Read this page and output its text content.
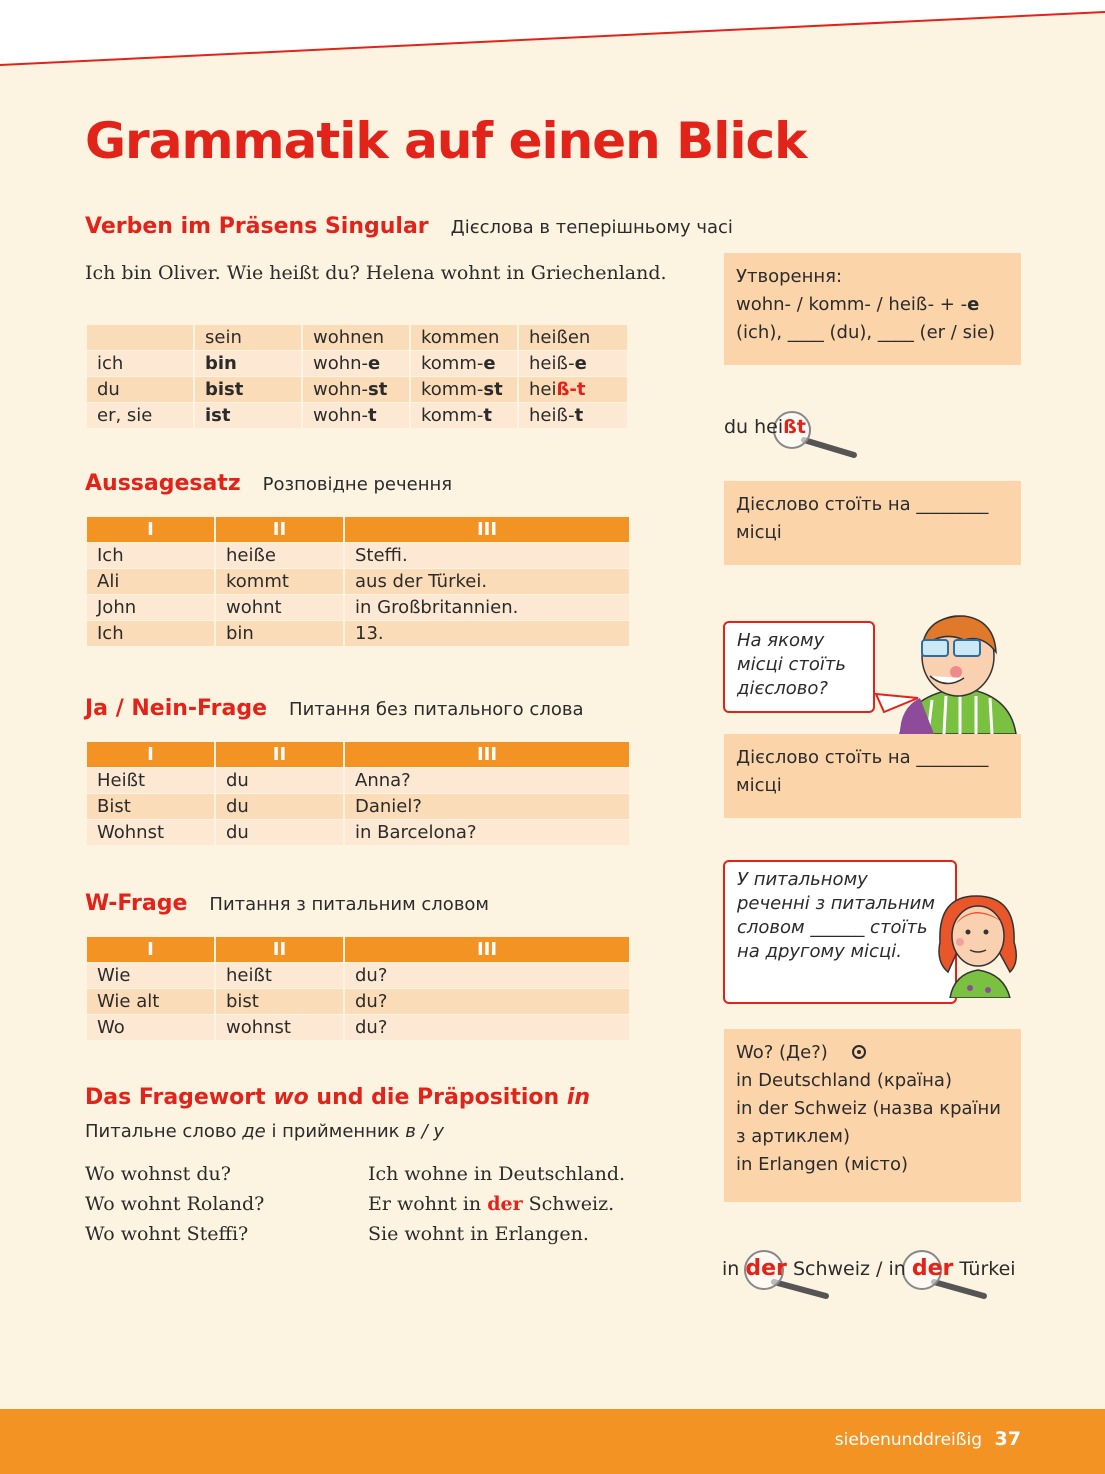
Grammatik auf einen Blick
Verben im Präsens Singular Дієслова в теперішньому часі
Ich bin Oliver. Wie heißt du? Helena wohnt in Griechenland.
	sein	wohnen	kommen	heißen
ich	bin	wohn-e	komm-e	heiß-e
du	bist	wohn-st	komm-st	heiß-t
er, sie	ist	wohn-t	komm-t	heiß-t
Aussagesatz Розповідне речення
I	II	III
Ich	heiße	Steffi.
Ali	kommt	aus der Türkei.
John	wohnt	in Großbritannien.
Ich	bin	13.
Ja / Nein-Frage Питання без питального слова
I	II	III
Heißt	du	Anna?
Bist	du	Daniel?
Wohnst	du	in Barcelona?
W-Frage Питання з питальним словом
I	II	III
Wie	heißt	du?
Wie alt	bist	du?
Wo	wohnst	du?
Das Fragewort wo und die Präposition in
Питальне слово де і прийменник в / у
Wo wohnst du?
Wo wohnt Roland?
Wo wohnt Steffi?
Ich wohne in Deutschland.
Er wohnt in der Schweiz.
Sie wohnt in Erlangen.
Утворення:
wohn- / komm- / heiß- + -e
(ich), ____ (du), ____ (er / sie)
du heißt
Дієслово стоїть на ________ місці
На якому місці стоїть дієслово?
Дієслово стоїть на ________ місці
У питальному реченні з питальним словом ______ стоїть на другому місці.
Wo? (Де?)
in Deutschland (країна)
in der Schweiz (назва країни з артиклем)
in Erlangen (місто)
in der Schweiz / in der Türkei
siebenunddreißig 37
